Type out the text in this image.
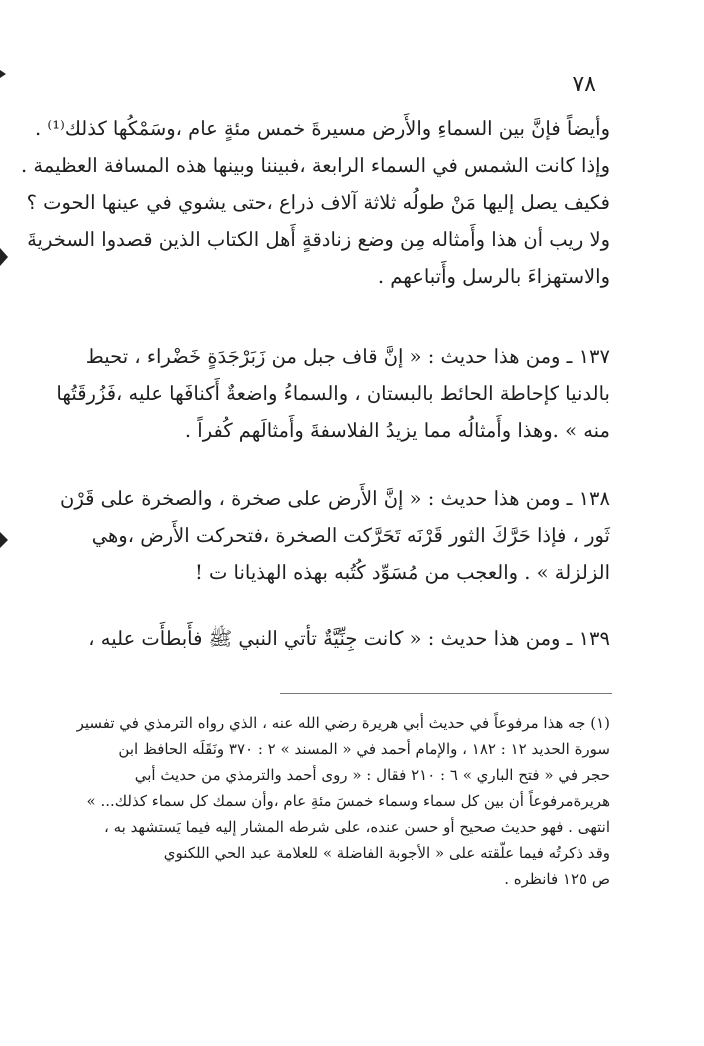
٧٨
وأيضاً فإنَّ بين السماءِ والأَرض مسيرةَ خمس مئةٍ عام ،وسَمْكُها كذلك⁽¹⁾ .
وإذا كانت الشمس في السماء الرابعة ،فبيننا وبينها هذه المسافة العظيمة .
فكيف يصل إليها مَنْ طولُه ثلاثة آلاف ذراع ،حتى يشوي في عينها الحوت ؟
ولا ريب أن هذا وأَمثاله مِن وضع زنادقةٍ أَهل الكتاب الذين قصدوا السخريةَ
والاستهزاءَ بالرسل وأَتباعهم .
١٣٧ ـ ومن هذا حديث : « إنَّ قاف جبل من زَبَرْجَدَةٍ خَضْراء ، تحيط
بالدنيا كإحاطة الحائط بالبستان ، والسماءُ واضعةٌ أَكنافَها عليه ،فَزُرقَتُها
منه » .وهذا وأَمثالُه مما يزيدُ الفلاسفةَ وأَمثالَهم كُفراً .
١٣٨ ـ ومن هذا حديث : « إنَّ الأَرض على صخرة ، والصخرة على قَرْن
ثَور ، فإذا حَرَّكَ الثور قَرْنَه تَحَرَّكت الصخرة ،فتحركت الأَرض ،وهي
الزلزلة » . والعجب من مُسَوِّد كُتُبه بهذه الهذيانا ت !
١٣٩ ـ ومن هذا حديث : « كانت جِنِّيَّةٌ تأتي النبي ﷺ فأَبطأَت عليه ،
(١) جه هذا مرفوعاً في حديث أبي هريرة رضي الله عنه ، الذي رواه الترمذي في تفسير
سورة الحديد ١٢ : ١٨٢ ، والإمام أحمد في « المسند » ٢ : ٣٧٠ ونَقَلَه الحافظ ابن
حجر في « فتح الباري » ٦ : ٢١٠ فقال : « روى أحمد والترمذي من حديث أبي
هريرةمرفوعاً أن بين كل سماء وسماء خمسَ مئةِ عام ،وأن سمك كل سماء كذلك... »
انتهى . فهو حديث صحيح أو حسن عنده، على شرطه المشار إليه فيما يَستشهد به ،
وقد ذكرتُه فيما علّقته على « الأجوبة الفاضلة » للعلامة عبد الحي اللكنوي
ص ١٢٥ فانظره .
